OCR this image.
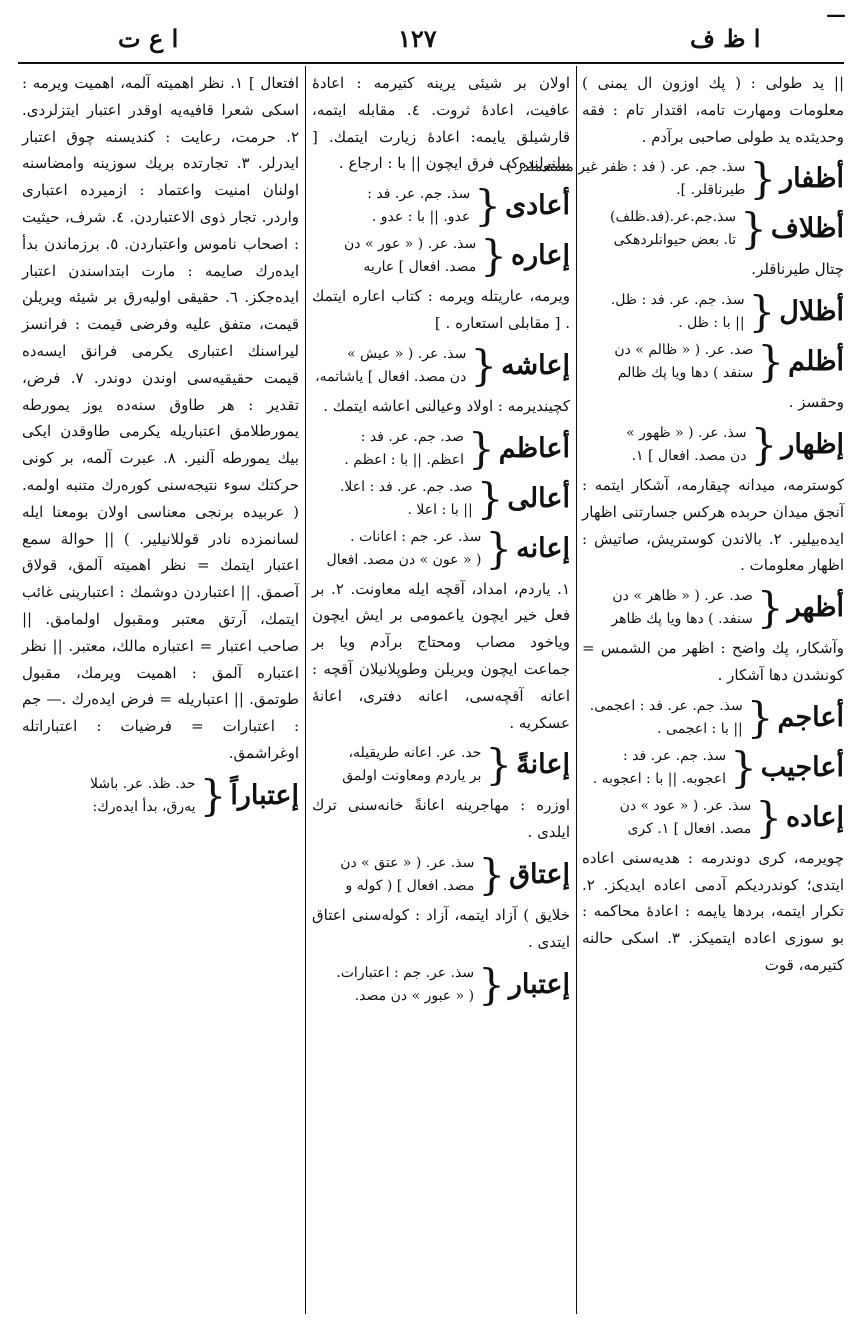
ا ع ت	١٢٧	ا ظ ف
—

|| يد طولى : ( پك اوزون ال يمنى ) معلومات ومهارت تامه، اقتدار تام : فقه وحديثده يد طولى صاحبى برآدم .

أظفار
{
سذ. جم. عر. ( فد : ظفر غير مستعملدر )
طيرناقلر. ].
أظلاف
{
سذ.جم.عر.(فد.ظلف)
تا. بعض حيوانلردهكى

چتال طيرناقلر.

أظلال
{
سذ. جم. عر. فد : ظل.
|| با : ظل .
أظلم
{
صد. عر. ( « ظالم » دن
سنفد ) دها ويا پك ظالم

وحقسز .

إظهار
{
سذ. عر. ( « ظهور »
دن مصد. افعال ] ١.

كوسترمه، ميدانه چيقارمه، آشكار ايتمه : آنجق ميدان حربده هركس جسارتنى اظهار ايده‌بيلير. ٢. بالاندن كوستريش، صاتيش : اظهار معلومات .

أظهر
{
صد. عر. ( « ظاهر » دن
سنفد. ) دها ويا پك ظاهر

وآشكار، پك واضح : اظهر من الشمس = كونشدن دها آشكار .

أعاجم
{
سذ. جم. عر. فد : اعجمى.
|| با : اعجمى .
أعاجيب
{
سذ. جم. عر. فد :
اعجوبه. || با : اعجوبه .
إعاده
{
سذ. عر. ( « عود » دن
مصد. افعال ] ١. كرى

چويرمه، كرى دوندرمه : هدیه‌سنى اعاده ايتدى؛ كوندرديكم آدمى اعاده ايديكز. ٢. تكرار ايتمه، بردها يايمه : اعادهٔ محاكمه : بو سوزى اعاده ايتميكز. ٣. اسكى حالنه كتيرمه، قوت

اولان بر شيئى يرينه كتيرمه : اعادهٔ عافيت، اعادهٔ ثروت. ٤. مقابله ايتمه، قارشيلق يايمه: اعادهٔ زيارت ايتمك. [ ييلنرلنده‌كى فرق ايچون || با : ارجاع .

أعادى
{
سذ. جم. عر. فد :
عدو. || با : عدو .
إعاره
{
سذ. عر. ( « عور » دن
مصد. افعال ] عاريه

ويرمه، عاريتله ويرمه : كتاب اعاره ايتمك . [ مقابلى استعاره . ]

إعاشه
{
سذ. عر. ( « عيش »
دن مصد. افعال ] ياشاتمه،

كچينديرمه : اولاد وعيالنى اعاشه ايتمك .

أعاظم
{
صد. جم. عر. فد :
اعظم. || با : اعظم .
أعالى
{
صد. جم. عر. فد : اعلا.
|| با : اعلا .
إعانه
{
سذ. عر. جم : اعانات .
( « عون » دن مصد. افعال

١. ياردم، امداد، آقچه ايله معاونت. ٢. بر فعل خير ايچون ياعمومى بر ايش ايچون وياخود مصاب ومحتاج برآدم ويا بر جماعت ايچون ويريلن وطوپلانيلان آقچه : اعانه آقچه‌سى، اعانه دفترى، اعانهٔ عسكريه .

إعانةً
{
حد. عر. اعانه طريقيله،
بر ياردم ومعاونت اولمق

اوزره : مهاجرينه اعانةً خانه‌سنى ترك ايلدى .

إعتاق
{
سذ. عر. ( « عتق » دن
مصد. افعال ] ( كوله و

خلايق ) آزاد ايتمه، آزاد : كوله‌سنى اعتاق ايتدى .

إعتبار
{
سذ. عر. جم : اعتبارات.
( « عبور » دن مصد.

افتعال ] ١. نظر اهميته آلمه، اهميت ويرمه : اسكى شعرا قافيه‌يه اوقدر اعتبار ايتزلردى. ٢. حرمت، رعايت : كنديسنه چوق اعتبار ايدرلر. ٣. تجارتده بريك سوزينه وامضاسنه اولنان امنيت واعتماد : ازميرده اعتبارى واردر. تجار ذوى الاعتباردن. ٤. شرف، حيثيت : اصحاب ناموس واعتباردن. ٥. برزماندن بدأ ايده‌رك صايمه : مارت ابتداسندن اعتبار ايده‌جكز. ٦. حقيقى اوليه‌رق بر شيئه ويريلن قيمت، متفق عليه وفرضى قيمت : فرانسز ليراسنك اعتبارى يكرمى فرانق ايسه‌ده قيمت حقيقيه‌سى اوندن دوندر. ٧. فرض، تقدير : هر طاوق سنه‌ده يوز يمورطه يمورطلامق اعتباريله يكرمى طاوقدن ايكى بيك يمورطه آلنير. ٨. عبرت آلمه، بر كونى حركتك سوء نتيجه‌سنى كوره‌رك متنبه اولمه. ( عربيده برنجى معناسى اولان بومعنا ايله لسانمزده نادر قوللانيلير. ) || حوالة سمع اعتبار ايتمك = نظر اهميته آلمق، قولاق آصمق. || اعتباردن دوشمك : اعتبارينى غائب ايتمك، آرتق معتبر ومقبول اولمامق. || صاحب اعتبار = اعتباره مالك، معتبر. || نظر اعتباره آلمق : اهميت ويرمك، مقبول طوتمق. || اعتباريله = فرض ايده‌رك .— جم : اعتبارات = فرضيات : اعتباراتله اوغراشمق.

إعتباراً
{
حد. ظذ. عر. باشلا
يه‌رق، بدأ ايده‌رك:
